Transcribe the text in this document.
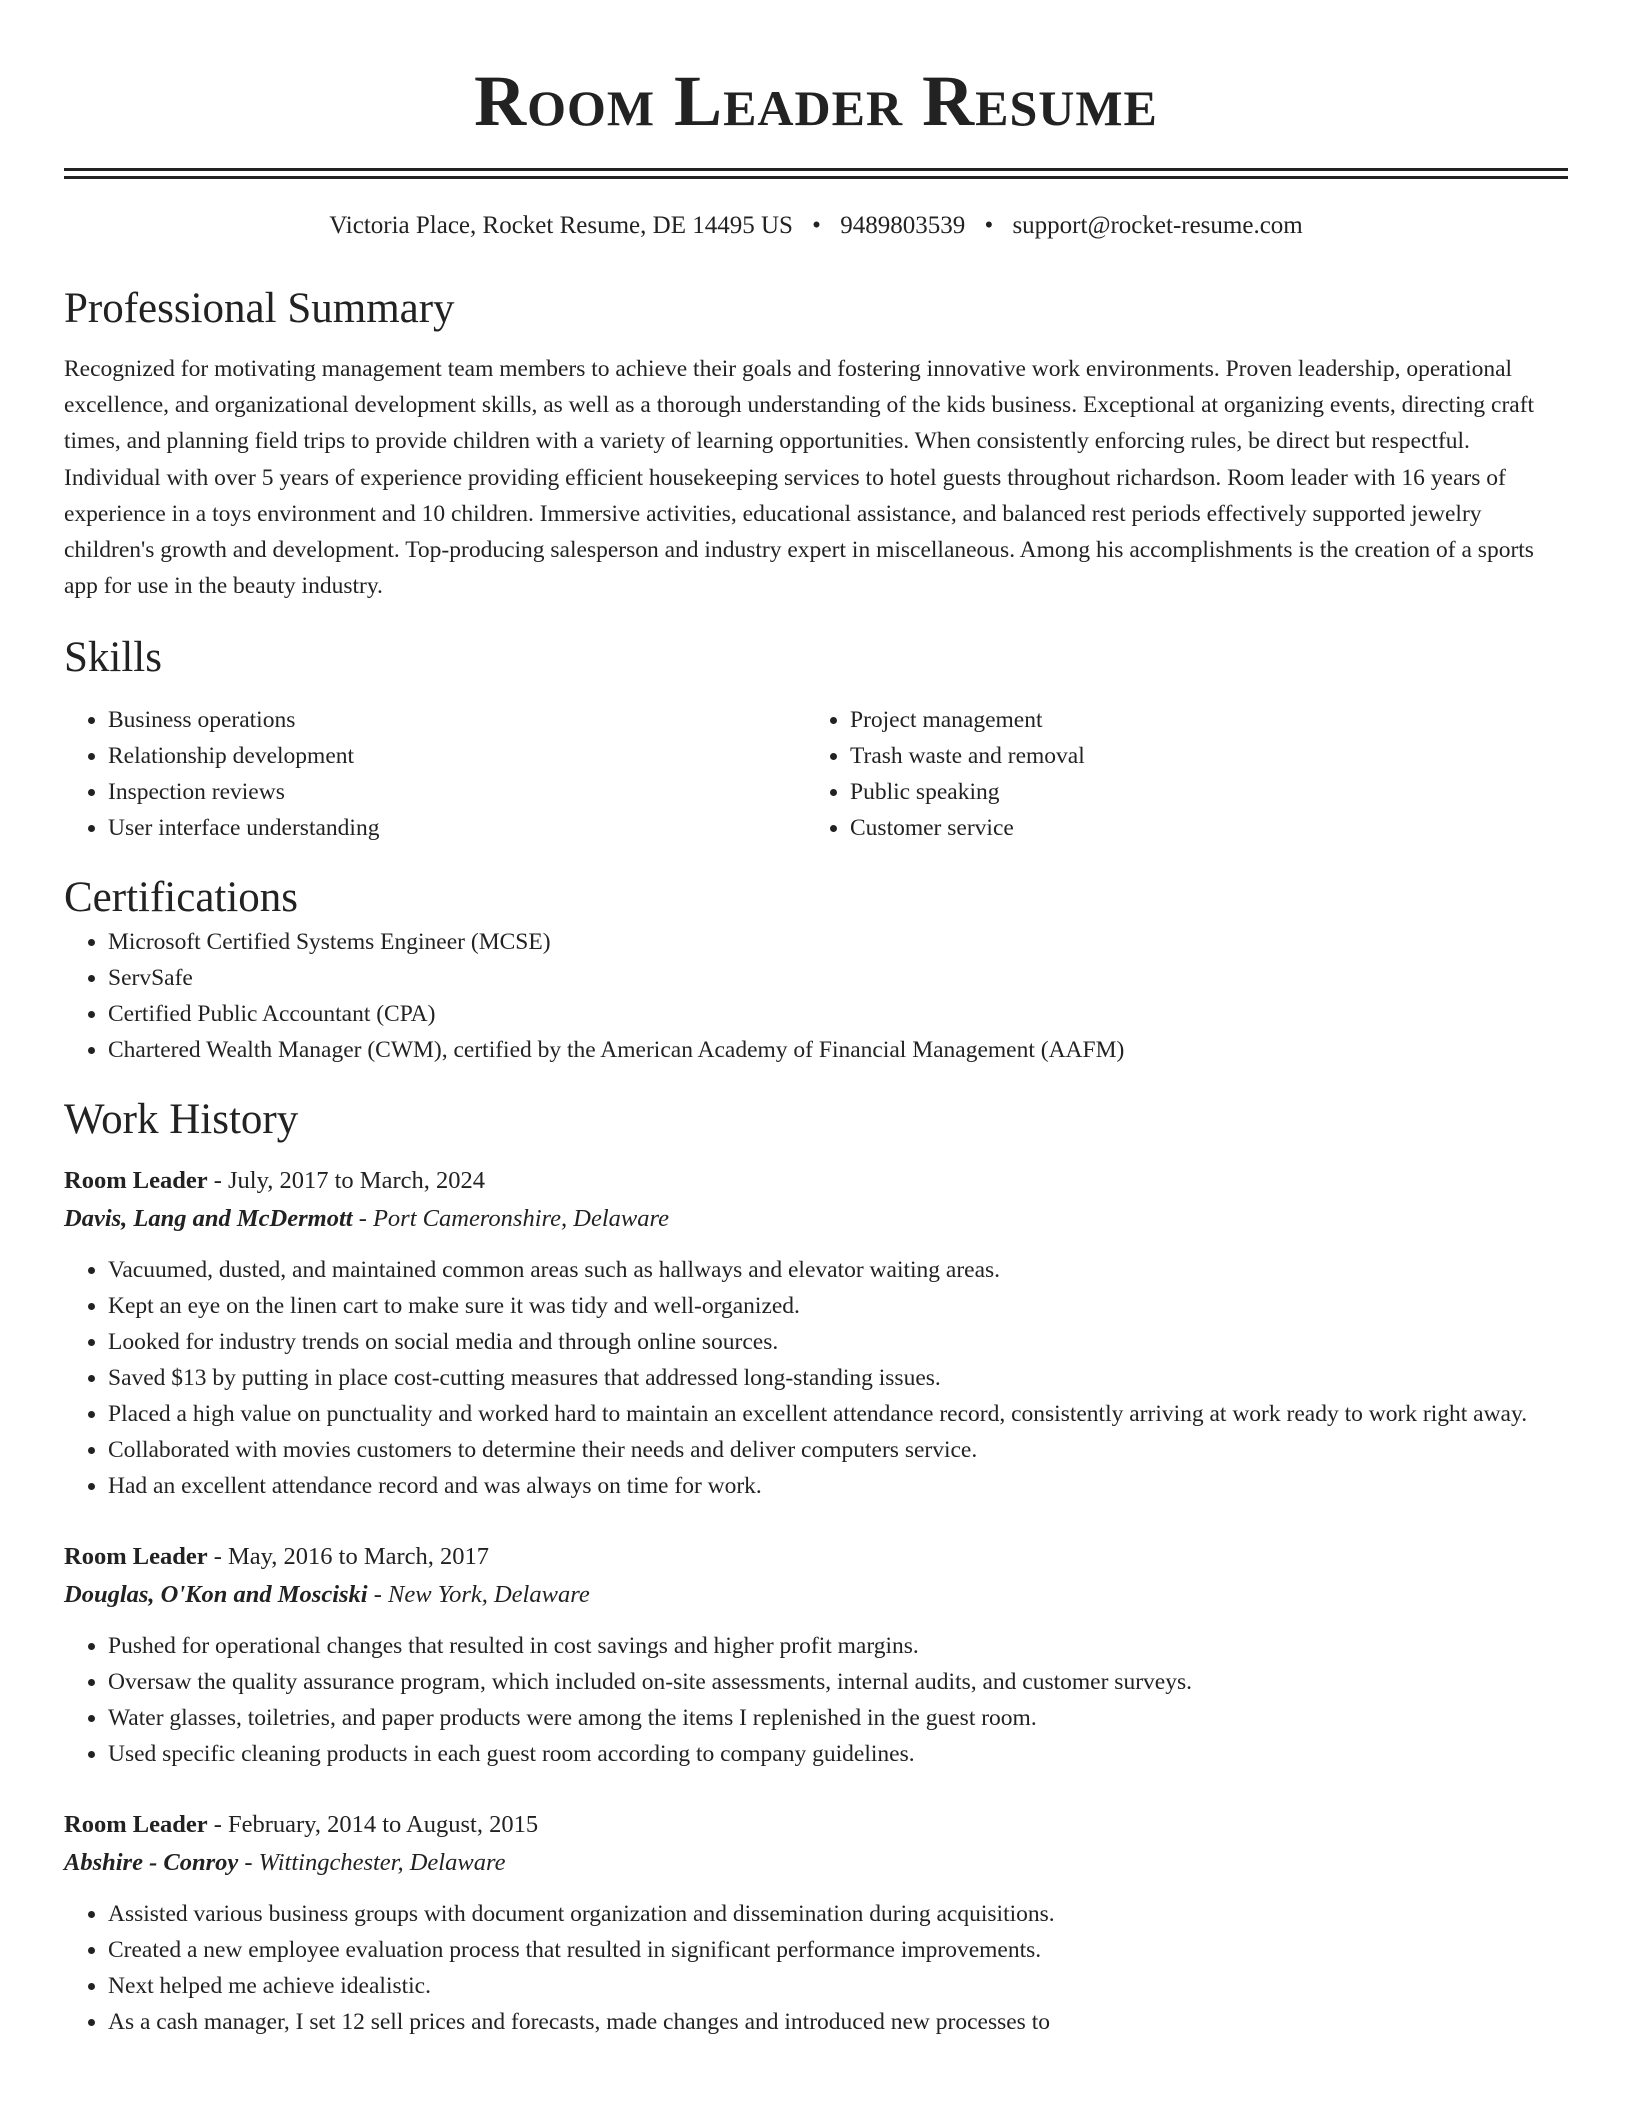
Room Leader Resume
Victoria Place, Rocket Resume, DE 14495 US • 9489803539 • support@rocket-resume.com
Professional Summary

Recognized for motivating management team members to achieve their goals and fostering innovative work environments. Proven leadership, operational excellence, and organizational development skills, as well as a thorough understanding of the kids business. Exceptional at organizing events, directing craft times, and planning field trips to provide children with a variety of learning opportunities. When consistently enforcing rules, be direct but respectful. Individual with over 5 years of experience providing efficient housekeeping services to hotel guests throughout richardson. Room leader with 16 years of experience in a toys environment and 10 children. Immersive activities, educational assistance, and balanced rest periods effectively supported jewelry children's growth and development. Top-producing salesperson and industry expert in miscellaneous. Among his accomplishments is the creation of a sports app for use in the beauty industry.

Skills
• Business operations
• Relationship development
• Inspection reviews
• User interface understanding
• Project management
• Trash waste and removal
• Public speaking
• Customer service
Certifications
• Microsoft Certified Systems Engineer (MCSE)
• ServSafe
• Certified Public Accountant (CPA)
• Chartered Wealth Manager (CWM), certified by the American Academy of Financial Management (AAFM)
Work History
Room Leader - July, 2017 to March, 2024
Davis, Lang and McDermott - Port Cameronshire, Delaware
• Vacuumed, dusted, and maintained common areas such as hallways and elevator waiting areas.
• Kept an eye on the linen cart to make sure it was tidy and well-organized.
• Looked for industry trends on social media and through online sources.
• Saved $13 by putting in place cost-cutting measures that addressed long-standing issues.
• Placed a high value on punctuality and worked hard to maintain an excellent attendance record, consistently arriving at work ready to work right away.
• Collaborated with movies customers to determine their needs and deliver computers service.
• Had an excellent attendance record and was always on time for work.
Room Leader - May, 2016 to March, 2017
Douglas, O'Kon and Mosciski - New York, Delaware
• Pushed for operational changes that resulted in cost savings and higher profit margins.
• Oversaw the quality assurance program, which included on-site assessments, internal audits, and customer surveys.
• Water glasses, toiletries, and paper products were among the items I replenished in the guest room.
• Used specific cleaning products in each guest room according to company guidelines.
Room Leader - February, 2014 to August, 2015
Abshire - Conroy - Wittingchester, Delaware
• Assisted various business groups with document organization and dissemination during acquisitions.
• Created a new employee evaluation process that resulted in significant performance improvements.
• Next helped me achieve idealistic.
• As a cash manager, I set 12 sell prices and forecasts, made changes and introduced new processes to
